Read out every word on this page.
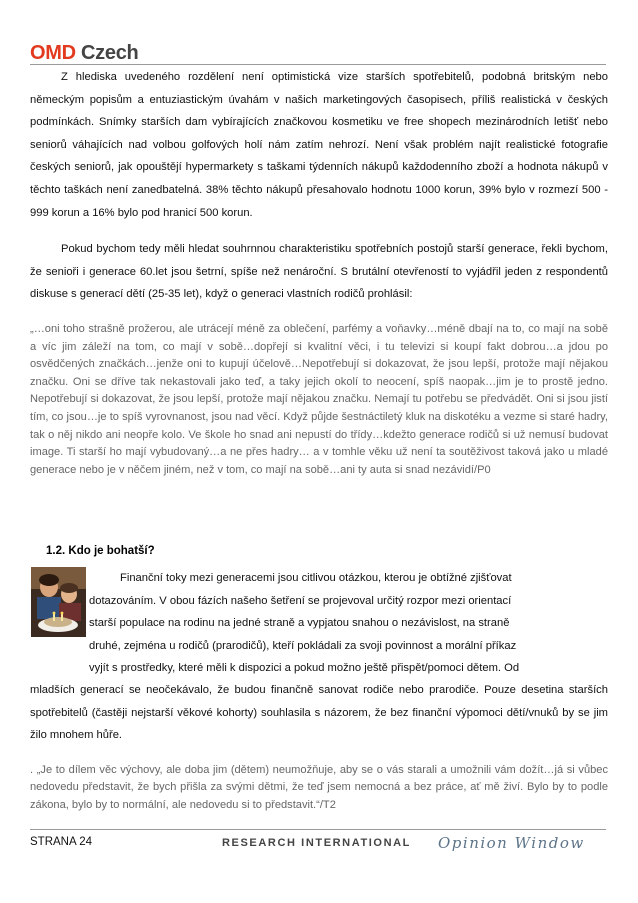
OMD Czech

Z hlediska uvedeného rozdělení není optimistická vize starších spotřebitelů, podobná britským nebo německým popisům a entuziastickým úvahám v našich marketingových časopisech, příliš realistická v českých podmínkách. Snímky starších dam vybírajících značkovou kosmetiku ve free shopech mezinárodních letišť nebo seniorů váhajících nad volbou golfových holí nám zatím nehrozí. Není však problém najít realistické fotografie českých seniorů, jak opouštějí hypermarkety s taškami týdenních nákupů každodenního zboží a hodnota nákupů v těchto taškách není zanedbatelná. 38% těchto nákupů přesahovalo hodnotu 1000 korun, 39% bylo v rozmezí 500 - 999 korun a 16% bylo pod hranicí 500 korun.

Pokud bychom tedy měli hledat souhrnnou charakteristiku spotřebních postojů starší generace, řekli bychom, že senioři i generace 60.let jsou šetrní, spíše než nenároční. S brutální otevřeností to vyjádřil jeden z respondentů diskuse s generací dětí (25-35 let), když o generaci vlastních rodičů prohlásil:

„…oni toho strašně prožerou, ale utrácejí méně za oblečení, parfémy a voňavky…méně dbají na to, co mají na sobě a víc jim záleží na tom, co mají v sobě…dopřejí si kvalitní věci, i tu televizi si koupí fakt dobrou…a jdou po osvědčených značkách…jenže oni to kupují účelově…Nepotřebují si dokazovat, že jsou lepší, protože mají nějakou značku. Oni se dříve tak nekastovali jako teď, a taky jejich okolí to neocení, spíš naopak…jim je to prostě jedno. Nepotřebují si dokazovat, že jsou lepší, protože mají nějakou značku. Nemají tu potřebu se předvádět. Oni si jsou jistí tím, co jsou…je to spíš vyrovnanost, jsou nad věcí. Když půjde šestnáctiletý kluk na diskotéku a vezme si staré hadry, tak o něj nikdo ani neopře kolo. Ve škole ho snad ani nepustí do třídy…kdežto generace rodičů si už nemusí budovat image. Ti starší ho mají vybudovaný…a ne přes hadry… a v tomhle věku už není ta soutěživost taková jako u mladé generace nebo je v něčem jiném, než v tom, co mají na sobě…ani ty auta si snad nezávidí/P0

1.2. Kdo je bohatší?

Finanční toky mezi generacemi jsou citlivou otázkou, kterou je obtížné zjišťovat

dotazováním. V obou fázích našeho šetření se projevoval určitý rozpor mezi orientací

starší populace na rodinu na jedné straně a vypjatou snahou o nezávislost, na straně

druhé, zejména u rodičů (prarodičů), kteří pokládali za svoji povinnost a morální příkaz

vyjít s prostředky, které měli k dispozici a pokud možno ještě přispět/pomoci dětem. Od

mladších generací se neočekávalo, že budou finančně sanovat rodiče nebo prarodiče. Pouze desetina starších spotřebitelů (častěji nejstarší věkové kohorty) souhlasila s názorem, že bez finanční výpomoci dětí/vnuků by se jim žilo mnohem hůře.

. „Je to dílem věc výchovy, ale doba jim (dětem) neumožňuje, aby se o vás starali a umožnili vám dožít…já si vůbec nedovedu představit, že bych přišla za svými dětmi, že teď jsem nemocná a bez práce, ať mě živí. Bylo by to podle zákona, bylo by to normální, ale nedovedu si to představit.“/T2

STRANA 24	RESEARCH INTERNATIONAL Opinion Window
